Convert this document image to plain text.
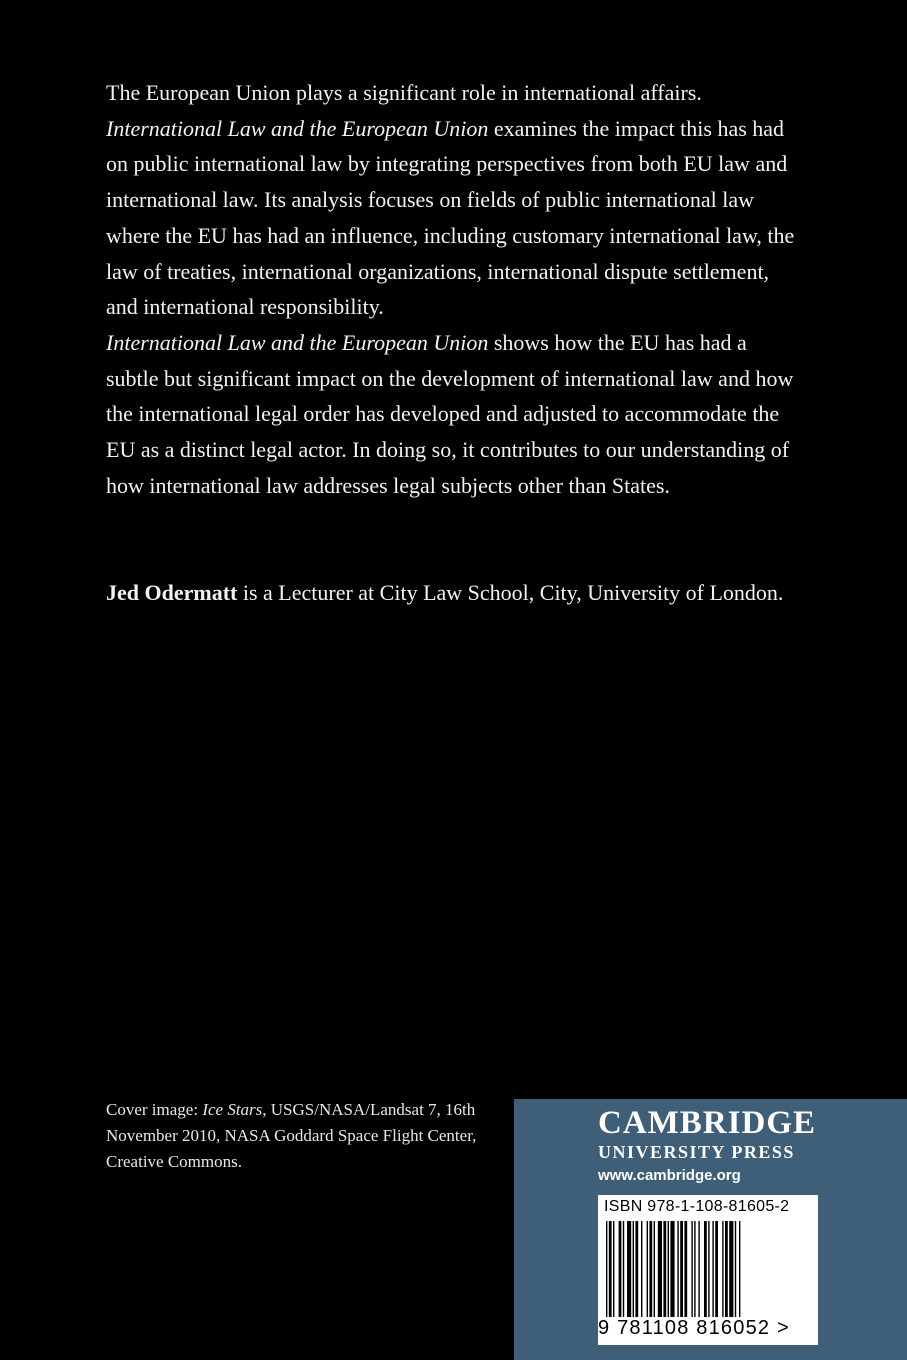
The European Union plays a significant role in international affairs.
International Law and the European Union examines the impact this has had on public international law by integrating perspectives from both EU law and international law. Its analysis focuses on fields of public international law where the EU has had an influence, including customary international law, the law of treaties, international organizations, international dispute settlement, and international responsibility.
International Law and the European Union shows how the EU has had a subtle but significant impact on the development of international law and how the international legal order has developed and adjusted to accommodate the EU as a distinct legal actor. In doing so, it contributes to our understanding of how international law addresses legal subjects other than States.

Jed Odermatt is a Lecturer at City Law School, City, University of London.

Cover image: Ice Stars, USGS/NASA/Landsat 7, 16th November 2010, NASA Goddard Space Flight Center, Creative Commons.

CAMBRIDGE
UNIVERSITY PRESS
www.cambridge.org
ISBN 978-1-108-81605-2
9 781108 816052 >
